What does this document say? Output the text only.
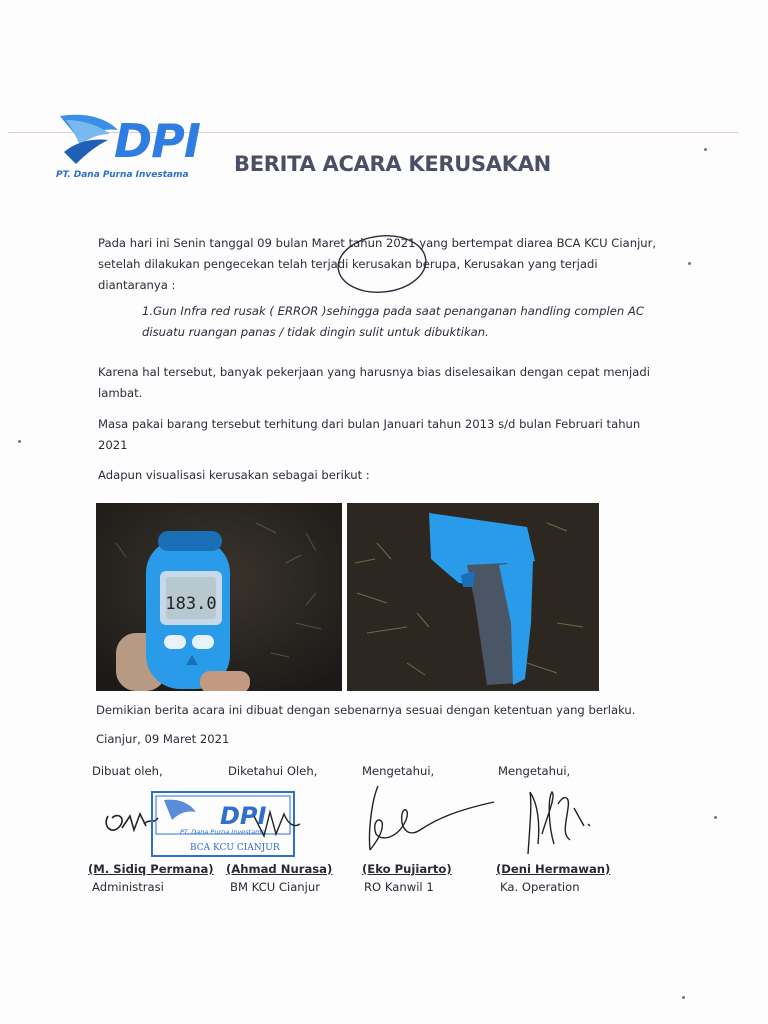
DPI
PT. Dana Purna Investama BERITA ACARA KERUSAKAN
Pada hari ini Senin tanggal 09 bulan Maret tahun 2021 yang bertempat diarea BCA KCU Cianjur,
setelah dilakukan pengecekan telah terjadi kerusakan berupa, Kerusakan yang terjadi
diantaranya :
1.Gun Infra red rusak ( ERROR )sehingga pada saat penanganan handling complen AC
disuatu ruangan panas / tidak dingin sulit untuk dibuktikan.
Karena hal tersebut, banyak pekerjaan yang harusnya bias diselesaikan dengan cepat menjadi
lambat.
Masa pakai barang tersebut terhitung dari bulan Januari tahun 2013 s/d bulan Februari tahun
2021
Adapun visualisasi kerusakan sebagai berikut :
183.0
Demikian berita acara ini dibuat dengan sebenarnya sesuai dengan ketentuan yang berlaku.
Cianjur, 09 Maret 2021
Dibuat oleh,	Diketahui Oleh,	Mengetahui,	Mengetahui,
DPI
PT. Dana Purna Investama
BCA KCU CIANJUR
(M. Sidiq Permana) (Ahmad Nurasa)	(Eko Pujiarto)	(Deni Hermawan)
Administrasi	BM KCU Cianjur	RO Kanwil 1	Ka. Operation
